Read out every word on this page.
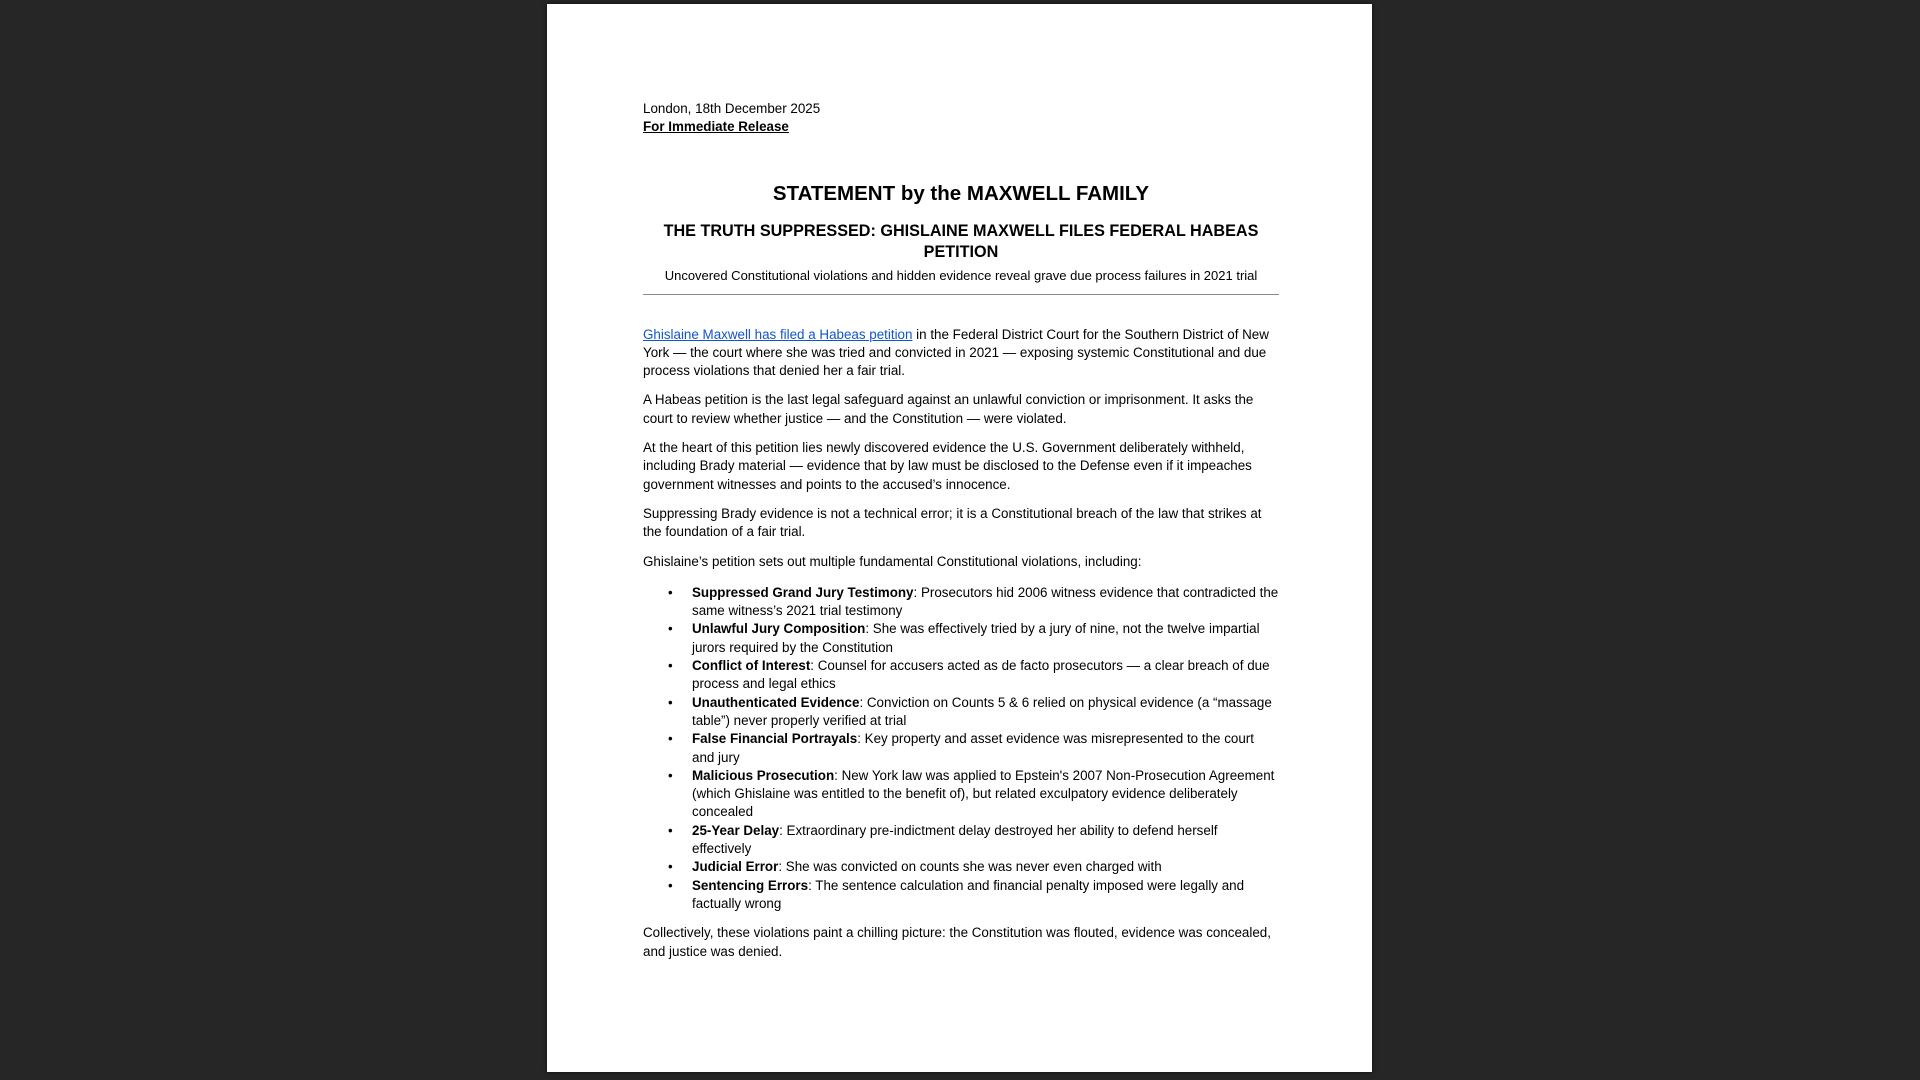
London, 18th December 2025

For Immediate Release

STATEMENT by the MAXWELL FAMILY
THE TRUTH SUPPRESSED: GHISLAINE MAXWELL FILES FEDERAL HABEAS PETITION

Uncovered Constitutional violations and hidden evidence reveal grave due process failures in 2021 trial

Ghislaine Maxwell has filed a Habeas petition in the Federal District Court for the Southern District of New York — the court where she was tried and convicted in 2021 — exposing systemic Constitutional and due process violations that denied her a fair trial.

A Habeas petition is the last legal safeguard against an unlawful conviction or imprisonment. It asks the court to review whether justice — and the Constitution — were violated.

At the heart of this petition lies newly discovered evidence the U.S. Government deliberately withheld, including Brady material — evidence that by law must be disclosed to the Defense even if it impeaches government witnesses and points to the accused’s innocence.

Suppressing Brady evidence is not a technical error; it is a Constitutional breach of the law that strikes at the foundation of a fair trial.

Ghislaine’s petition sets out multiple fundamental Constitutional violations, including:

• Suppressed Grand Jury Testimony: Prosecutors hid 2006 witness evidence that contradicted the same witness’s 2021 trial testimony
• Unlawful Jury Composition: She was effectively tried by a jury of nine, not the twelve impartial jurors required by the Constitution
• Conflict of Interest: Counsel for accusers acted as de facto prosecutors — a clear breach of due process and legal ethics
• Unauthenticated Evidence: Conviction on Counts 5 & 6 relied on physical evidence (a “massage table”) never properly verified at trial
• False Financial Portrayals: Key property and asset evidence was misrepresented to the court and jury
• Malicious Prosecution: New York law was applied to Epstein's 2007 Non-Prosecution Agreement (which Ghislaine was entitled to the benefit of), but related exculpatory evidence deliberately concealed
• 25-Year Delay: Extraordinary pre-indictment delay destroyed her ability to defend herself effectively
• Judicial Error: She was convicted on counts she was never even charged with
• Sentencing Errors: The sentence calculation and financial penalty imposed were legally and factually wrong

Collectively, these violations paint a chilling picture: the Constitution was flouted, evidence was concealed, and justice was denied.
